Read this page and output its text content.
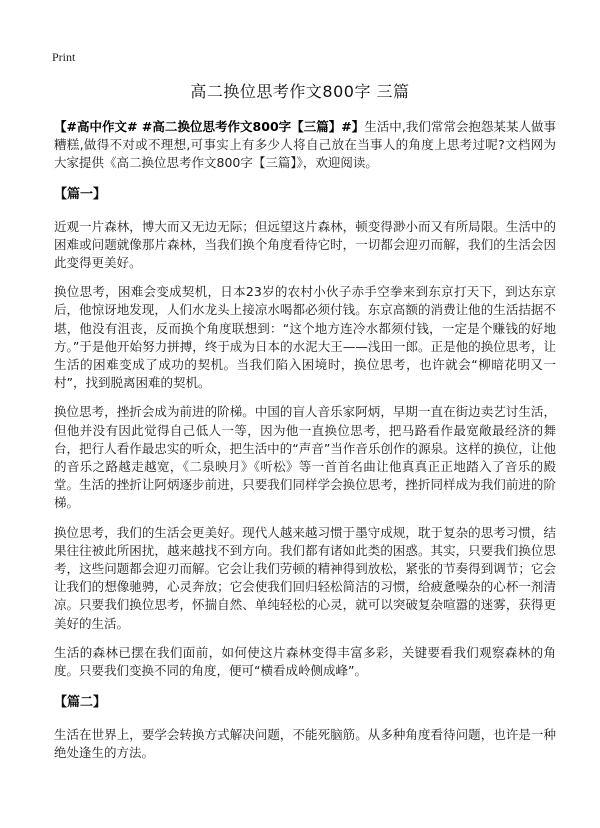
Print
高二换位思考作文800字 三篇

【#高中作文# #高二换位思考作文800字【三篇】#】生活中,我们常常会抱怨某某人做事糟糕,做得不对或不理想,可事实上有多少人将自己放在当事人的角度上思考过呢?文档网为大家提供《高二换位思考作文800字【三篇】》，欢迎阅读。

【篇一】

近观一片森林，博大而又无边无际；但远望这片森林，顿变得渺小而又有所局限。生活中的困难或问题就像那片森林，当我们换个角度看待它时，一切都会迎刃而解，我们的生活会因此变得更美好。

换位思考，困难会变成契机，日本23岁的农村小伙子赤手空拳来到东京打天下，到达东京后，他惊讶地发现，人们水龙头上接凉水喝都必须付钱。东京高额的消费让他的生活拮据不堪，他没有沮丧，反而换个角度联想到：“这个地方连冷水都须付钱，一定是个赚钱的好地方。”于是他开始努力拼搏，终于成为日本的水泥大王——浅田一郎。正是他的换位思考，让生活的困难变成了成功的契机。当我们陷入困境时，换位思考，也许就会“柳暗花明又一村”，找到脱离困难的契机。

换位思考，挫折会成为前进的阶梯。中国的盲人音乐家阿炳，早期一直在街边卖艺讨生活，但他并没有因此觉得自己低人一等，因为他一直换位思考，把马路看作最宽敞最经济的舞台，把行人看作最忠实的听众，把生活中的“声音”当作音乐创作的源泉。这样的换位，让他的音乐之路越走越宽，《二泉映月》《听松》等一首首名曲让他真真正正地踏入了音乐的殿堂。生活的挫折让阿炳逐步前进，只要我们同样学会换位思考，挫折同样成为我们前进的阶梯。

换位思考，我们的生活会更美好。现代人越来越习惯于墨守成规，耽于复杂的思考习惯，结果往往被此所困扰，越来越找不到方向。我们都有诸如此类的困惑。其实，只要我们换位思考，这些问题都会迎刃而解。它会让我们劳顿的精神得到放松，紧张的节奏得到调节；它会让我们的想像驰骋，心灵奔放；它会使我们回归轻松简洁的习惯，给疲惫噪杂的心杯一剂清凉。只要我们换位思考，怀揣自然、单纯轻松的心灵，就可以突破复杂喧嚣的迷雾，获得更美好的生活。

生活的森林已摆在我们面前，如何使这片森林变得丰富多彩，关键要看我们观察森林的角度。只要我们变换不同的角度，便可“横看成岭侧成峰”。

【篇二】

生活在世界上，要学会转换方式解决问题，不能死脑筋。从多种角度看待问题，也许是一种绝处逢生的方法。
